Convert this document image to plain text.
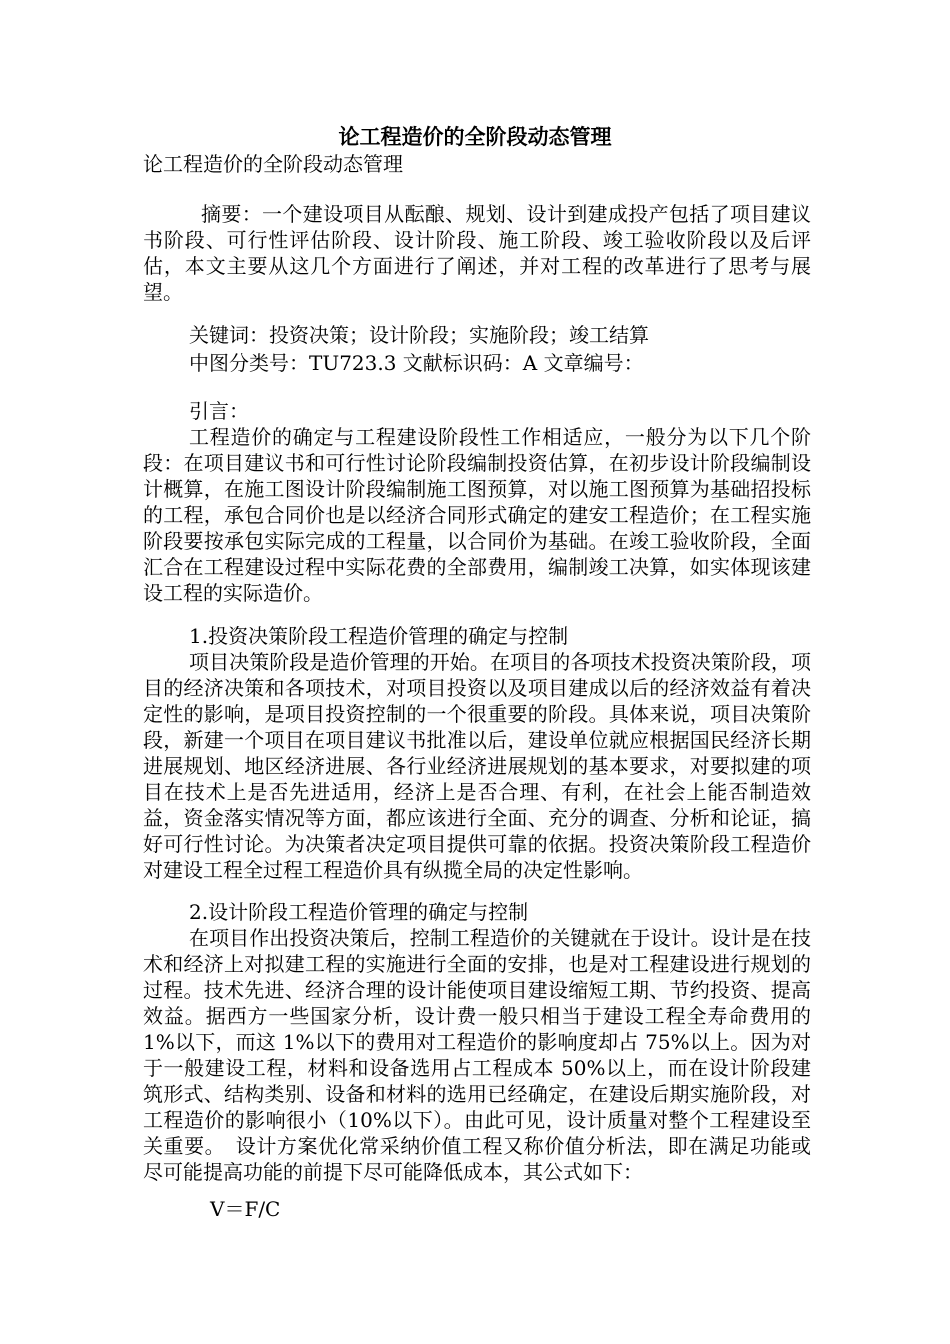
论工程造价的全阶段动态管理
论工程造价的全阶段动态管理

摘要：一个建设项目从酝酿、规划、设计到建成投产包括了项目建议书阶段、可行性评估阶段、设计阶段、施工阶段、竣工验收阶段以及后评估，本文主要从这几个方面进行了阐述，并对工程的改革进行了思考与展望。

关键词：投资决策；设计阶段；实施阶段；竣工结算
中图分类号：TU723.3 文献标识码：A 文章编号：
引言：

工程造价的确定与工程建设阶段性工作相适应，一般分为以下几个阶段：在项目建议书和可行性讨论阶段编制投资估算，在初步设计阶段编制设计概算，在施工图设计阶段编制施工图预算，对以施工图预算为基础招投标的工程，承包合同价也是以经济合同形式确定的建安工程造价；在工程实施阶段要按承包实际完成的工程量，以合同价为基础。在竣工验收阶段，全面汇合在工程建设过程中实际花费的全部费用，编制竣工决算，如实体现该建设工程的实际造价。

1.投资决策阶段工程造价管理的确定与控制

项目决策阶段是造价管理的开始。在项目的各项技术投资决策阶段，项目的经济决策和各项技术，对项目投资以及项目建成以后的经济效益有着决定性的影响，是项目投资控制的一个很重要的阶段。具体来说，项目决策阶段，新建一个项目在项目建议书批准以后，建设单位就应根据国民经济长期进展规划、地区经济进展、各行业经济进展规划的基本要求，对要拟建的项目在技术上是否先进适用，经济上是否合理、有利，在社会上能否制造效益，资金落实情况等方面，都应该进行全面、充分的调查、分析和论证，搞好可行性讨论。为决策者决定项目提供可靠的依据。投资决策阶段工程造价对建设工程全过程工程造价具有纵揽全局的决定性影响。

2.设计阶段工程造价管理的确定与控制

在项目作出投资决策后，控制工程造价的关键就在于设计。设计是在技术和经济上对拟建工程的实施进行全面的安排，也是对工程建设进行规划的过程。技术先进、经济合理的设计能使项目建设缩短工期、节约投资、提高效益。据西方一些国家分析，设计费一般只相当于建设工程全寿命费用的 1%以下，而这 1%以下的费用对工程造价的影响度却占 75%以上。因为对于一般建设工程，材料和设备选用占工程成本 50%以上，而在设计阶段建筑形式、结构类别、设备和材料的选用已经确定，在建设后期实施阶段，对工程造价的影响很小（10%以下）。由此可见，设计质量对整个工程建设至关重要。　设计方案优化常采纳价值工程又称价值分析法，即在满足功能或尽可能提高功能的前提下尽可能降低成本，其公式如下：

V＝F/C
